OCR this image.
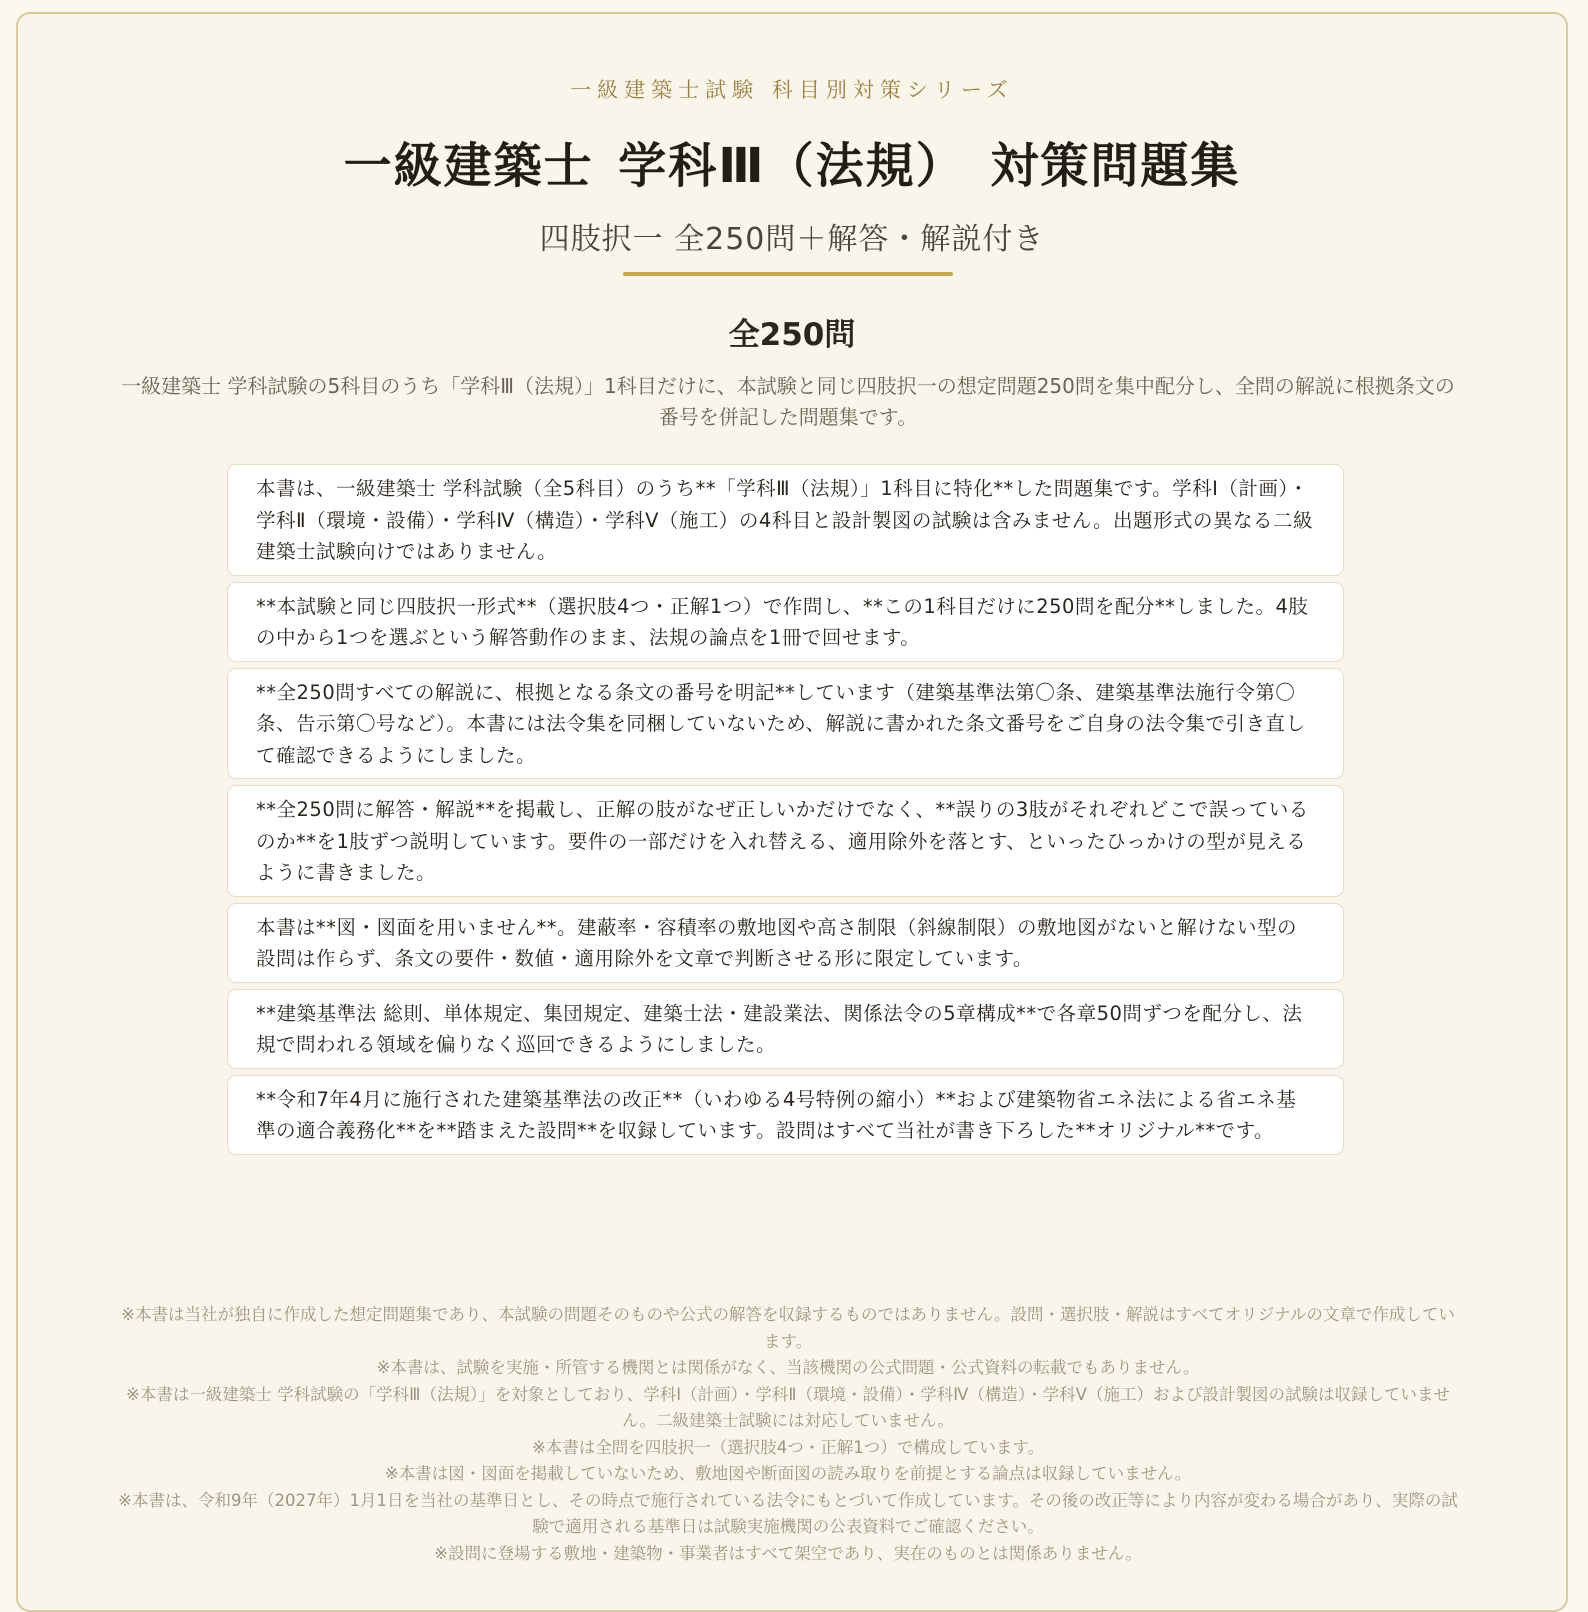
一級建築士試験 科目別対策シリーズ
一級建築士 学科Ⅲ（法規） 対策問題集
四肢択一 全250問＋解答・解説付き
全250問
一級建築士 学科試験の5科目のうち「学科Ⅲ（法規）」1科目だけに、本試験と同じ四肢択一の想定問題250問を集中配分し、全問の解説に根拠条文の番号を併記した問題集です。
本書は、一級建築士 学科試験（全5科目）のうち**「学科Ⅲ（法規）」1科目に特化**した問題集です。学科Ⅰ（計画）・学科Ⅱ（環境・設備）・学科Ⅳ（構造）・学科Ⅴ（施工）の4科目と設計製図の試験は含みません。出題形式の異なる二級建築士試験向けではありません。
**本試験と同じ四肢択一形式**（選択肢4つ・正解1つ）で作問し、**この1科目だけに250問を配分**しました。4肢の中から1つを選ぶという解答動作のまま、法規の論点を1冊で回せます。
**全250問すべての解説に、根拠となる条文の番号を明記**しています（建築基準法第〇条、建築基準法施行令第〇条、告示第〇号など）。本書には法令集を同梱していないため、解説に書かれた条文番号をご自身の法令集で引き直して確認できるようにしました。
**全250問に解答・解説**を掲載し、正解の肢がなぜ正しいかだけでなく、**誤りの3肢がそれぞれどこで誤っているのか**を1肢ずつ説明しています。要件の一部だけを入れ替える、適用除外を落とす、といったひっかけの型が見えるように書きました。
本書は**図・図面を用いません**。建蔽率・容積率の敷地図や高さ制限（斜線制限）の敷地図がないと解けない型の設問は作らず、条文の要件・数値・適用除外を文章で判断させる形に限定しています。
**建築基準法 総則、単体規定、集団規定、建築士法・建設業法、関係法令の5章構成**で各章50問ずつを配分し、法規で問われる領域を偏りなく巡回できるようにしました。
**令和7年4月に施行された建築基準法の改正**（いわゆる4号特例の縮小）**および建築物省エネ法による省エネ基準の適合義務化**を**踏まえた設問**を収録しています。設問はすべて当社が書き下ろした**オリジナル**です。

※本書は当社が独自に作成した想定問題集であり、本試験の問題そのものや公式の解答を収録するものではありません。設問・選択肢・解説はすべてオリジナルの文章で作成しています。

※本書は、試験を実施・所管する機関とは関係がなく、当該機関の公式問題・公式資料の転載でもありません。

※本書は一級建築士 学科試験の「学科Ⅲ（法規）」を対象としており、学科Ⅰ（計画）・学科Ⅱ（環境・設備）・学科Ⅳ（構造）・学科Ⅴ（施工）および設計製図の試験は収録していません。二級建築士試験には対応していません。

※本書は全問を四肢択一（選択肢4つ・正解1つ）で構成しています。

※本書は図・図面を掲載していないため、敷地図や断面図の読み取りを前提とする論点は収録していません。

※本書は、令和9年（2027年）1月1日を当社の基準日とし、その時点で施行されている法令にもとづいて作成しています。その後の改正等により内容が変わる場合があり、実際の試験で適用される基準日は試験実施機関の公表資料でご確認ください。

※設問に登場する敷地・建築物・事業者はすべて架空であり、実在のものとは関係ありません。
